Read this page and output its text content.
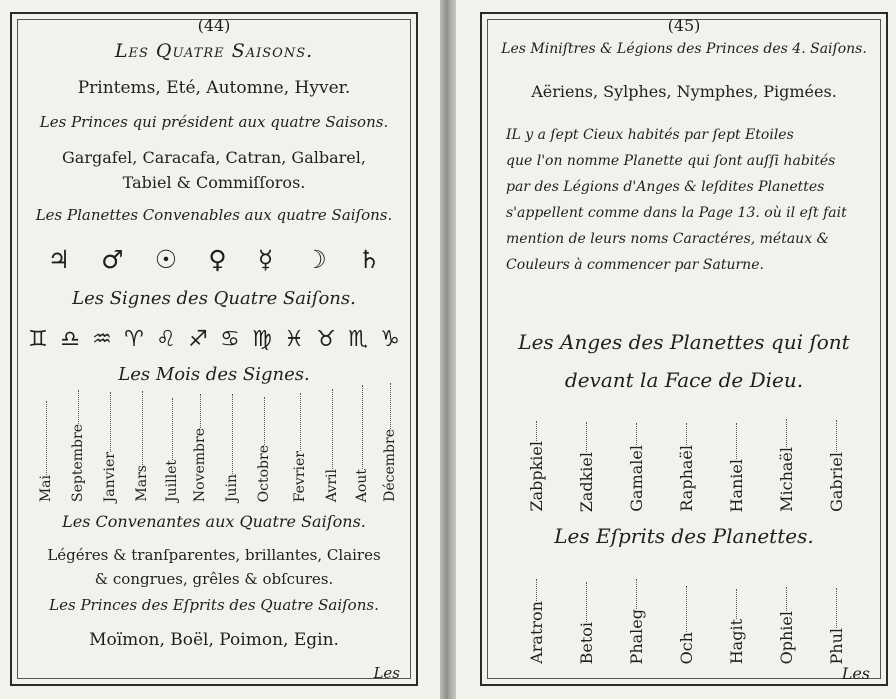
(44)
Les Quatre Saisons.
Printems, Eté, Automne, Hyver.
Les Princes qui président aux quatre Saisons.
Gargafel, Caracafa, Catran, Galbarel,
Tabiel & Commiſſoros.
Les Planettes Convenables aux quatre Saiſons.
♃ ♂ ☉ ♀ ☿ ☽ ♄
Les Signes des Quatre Saiſons.
♊ ♎ ♒ ♈ ♌ ♐ ♋ ♍ ♓ ♉ ♏ ♑
Les Mois des Signes.
Mai Septembre Janvier Mars Juillet Novembre Juin Octobre Fevrier Avril Aout Décembre
Les Convenantes aux Quatre Saiſons.
Légéres & tranſparentes, brillantes, Claires
& congrues, grêles & obſcures.
Les Princes des Eſprits des Quatre Saiſons.
Moïmon, Boël, Poimon, Egin.
Les
(45)
Les Miniſtres & Légions des Princes des 4. Saiſons.
Aëriens, Sylphes, Nymphes, Pigmées.
IL y a ſept Cieux habités par ſept Etoiles
que l'on nomme Planette qui ſont auſſi habités
par des Légions d'Anges & leſdites Planettes
s'appellent comme dans la Page 13. où il eſt fait
mention de leurs noms Caractéres, métaux &
Couleurs à commencer par Saturne.
Les Anges des Planettes qui ſont
devant la Face de Dieu.
Zabpkiel Zadkiel Gamalel Raphaël Haniel Michaël Gabriel
Les Eſprits des Planettes.
Aratron Betoi Phaleg Och Hagit Ophiel Phul
Les
